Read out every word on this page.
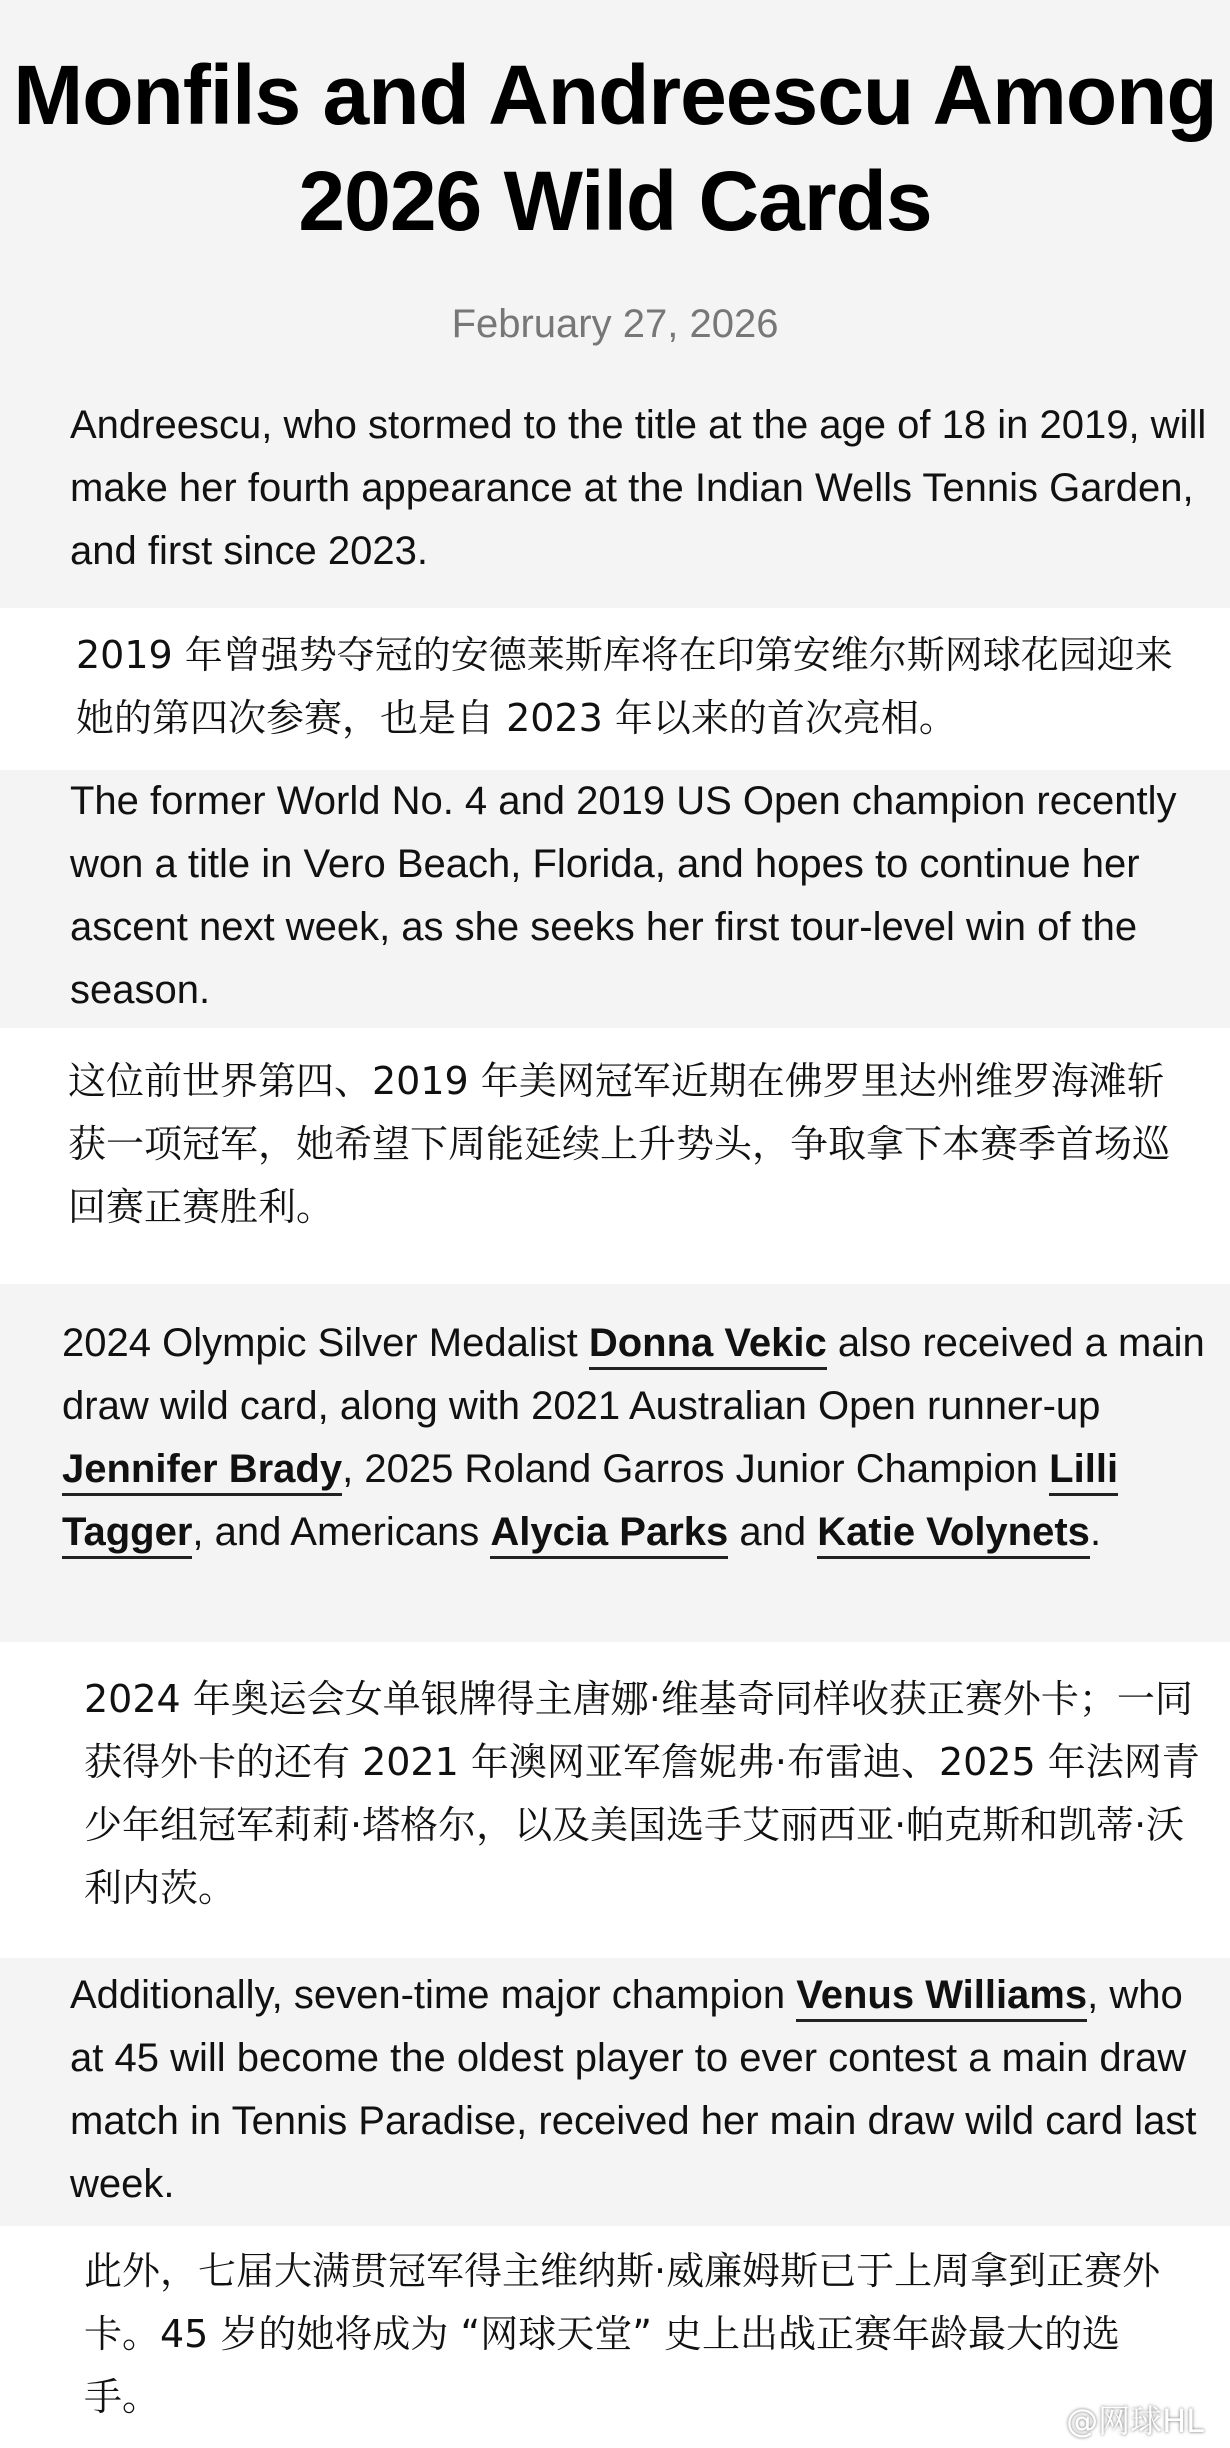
Monfils and Andreescu Among 2026 Wild Cards
February 27, 2026

Andreescu, who stormed to the title at the age of 18 in 2019, will make her fourth appearance at the Indian Wells Tennis Garden, and first since 2023.

2019 年曾强势夺冠的安德莱斯库将在印第安维尔斯网球花园迎来她的第四次参赛，也是自 2023 年以来的首次亮相。

The former World No. 4 and 2019 US Open champion recently won a title in Vero Beach, Florida, and hopes to continue her ascent next week, as she seeks her first tour-level win of the season.

这位前世界第四、2019 年美网冠军近期在佛罗里达州维罗海滩斩获一项冠军，她希望下周能延续上升势头，争取拿下本赛季首场巡回赛正赛胜利。

2024 Olympic Silver Medalist Donna Vekic also received a main draw wild card, along with 2021 Australian Open runner-up Jennifer Brady, 2025 Roland Garros Junior Champion Lilli Tagger, and Americans Alycia Parks and Katie Volynets.

2024 年奥运会女单银牌得主唐娜·维基奇同样收获正赛外卡；一同获得外卡的还有 2021 年澳网亚军詹妮弗·布雷迪、2025 年法网青少年组冠军莉莉·塔格尔，以及美国选手艾丽西亚·帕克斯和凯蒂·沃利内茨。

Additionally, seven-time major champion Venus Williams, who at 45 will become the oldest player to ever contest a main draw match in Tennis Paradise, received her main draw wild card last week.

此外，七届大满贯冠军得主维纳斯·威廉姆斯已于上周拿到正赛外卡。45 岁的她将成为 “网球天堂” 史上出战正赛年龄最大的选手。

@网球HL
